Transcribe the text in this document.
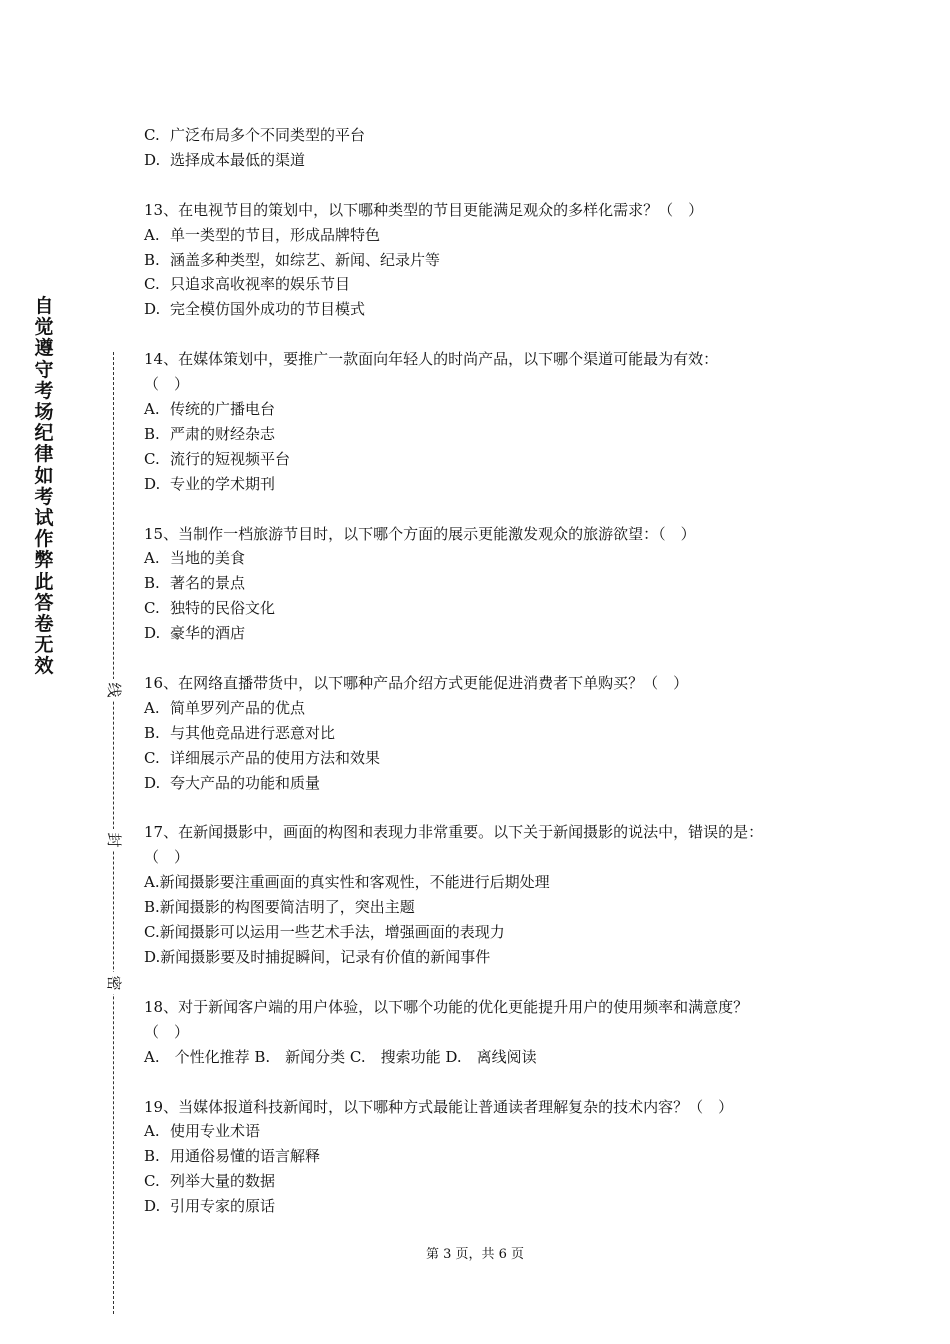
自觉遵守考场纪律如考试作弊此答卷无效
线
封
密
C. 广泛布局多个不同类型的平台
D. 选择成本最低的渠道
13、在电视节目的策划中，以下哪种类型的节目更能满足观众的多样化需求？（　）
A. 单一类型的节目，形成品牌特色
B. 涵盖多种类型，如综艺、新闻、纪录片等
C. 只追求高收视率的娱乐节目
D. 完全模仿国外成功的节目模式
14、在媒体策划中，要推广一款面向年轻人的时尚产品，以下哪个渠道可能最为有效：
（　）
A. 传统的广播电台
B. 严肃的财经杂志
C. 流行的短视频平台
D. 专业的学术期刊
15、当制作一档旅游节目时，以下哪个方面的展示更能激发观众的旅游欲望：（　）
A. 当地的美食
B. 著名的景点
C. 独特的民俗文化
D. 豪华的酒店
16、在网络直播带货中，以下哪种产品介绍方式更能促进消费者下单购买？（　）
A. 简单罗列产品的优点
B. 与其他竞品进行恶意对比
C. 详细展示产品的使用方法和效果
D. 夸大产品的功能和质量
17、在新闻摄影中，画面的构图和表现力非常重要。以下关于新闻摄影的说法中，错误的是：
（　）
A.新闻摄影要注重画面的真实性和客观性，不能进行后期处理
B.新闻摄影的构图要简洁明了，突出主题
C.新闻摄影可以运用一些艺术手法，增强画面的表现力
D.新闻摄影要及时捕捉瞬间，记录有价值的新闻事件
18、对于新闻客户端的用户体验，以下哪个功能的优化更能提升用户的使用频率和满意度？
（　）
A.　个性化推荐 B.　新闻分类 C.　搜索功能 D.　离线阅读
19、当媒体报道科技新闻时，以下哪种方式最能让普通读者理解复杂的技术内容？（　）
A. 使用专业术语
B. 用通俗易懂的语言解释
C. 列举大量的数据
D. 引用专家的原话
第 3 页，共 6 页
